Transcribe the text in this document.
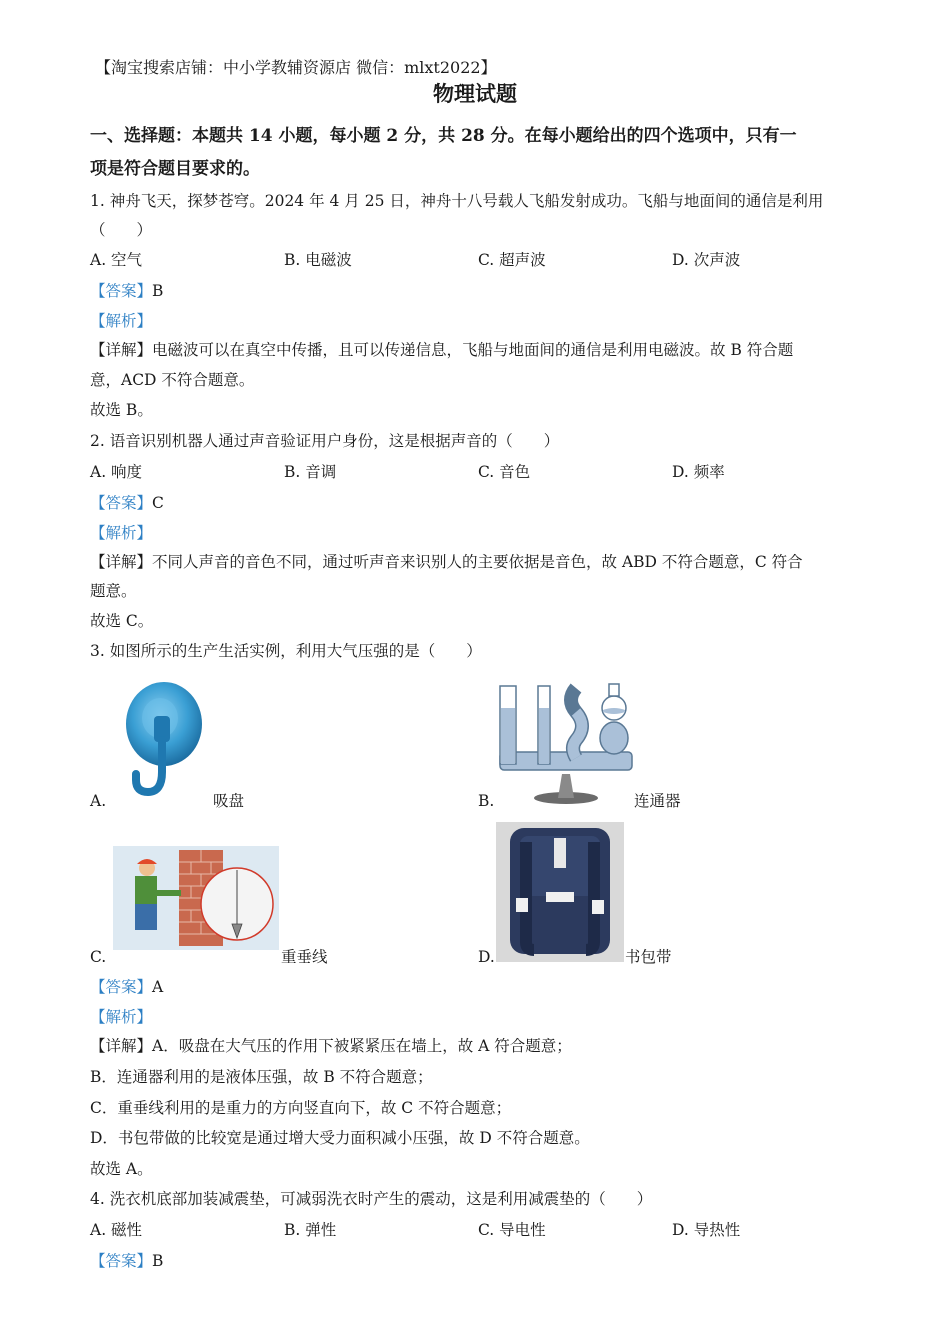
【淘宝搜索店铺：中小学教辅资源店 微信：mlxt2022】
物理试题
一、选择题：本题共 14 小题，每小题 2 分，共 28 分。在每小题给出的四个选项中，只有一
项是符合题目要求的。
1. 神舟飞天，探梦苍穹。2024 年 4 月 25 日，神舟十八号载人飞船发射成功。飞船与地面间的通信是利用
（　　）
A. 空气	B. 电磁波	C. 超声波	D. 次声波
【答案】B
【解析】
【详解】电磁波可以在真空中传播，且可以传递信息，飞船与地面间的通信是利用电磁波。故 B 符合题
意，ACD 不符合题意。
故选 B。
2. 语音识别机器人通过声音验证用户身份，这是根据声音的（　　）
A. 响度	B. 音调	C. 音色	D. 频率
【答案】C
【解析】
【详解】不同人声音的音色不同，通过听声音来识别人的主要依据是音色，故 ABD 不符合题意，C 符合
题意。
故选 C。
3. 如图所示的生产生活实例，利用大气压强的是（　　）
A.	吸盘	B.	连通器
C.	重垂线	D.	书包带
【答案】A
【解析】
【详解】A．吸盘在大气压的作用下被紧紧压在墙上，故 A 符合题意；
B．连通器利用的是液体压强，故 B 不符合题意；
C．重垂线利用的是重力的方向竖直向下，故 C 不符合题意；
D．书包带做的比较宽是通过增大受力面积减小压强，故 D 不符合题意。
故选 A。
4. 洗衣机底部加装减震垫，可减弱洗衣时产生的震动，这是利用减震垫的（　　）
A. 磁性	B. 弹性	C. 导电性	D. 导热性
【答案】B
